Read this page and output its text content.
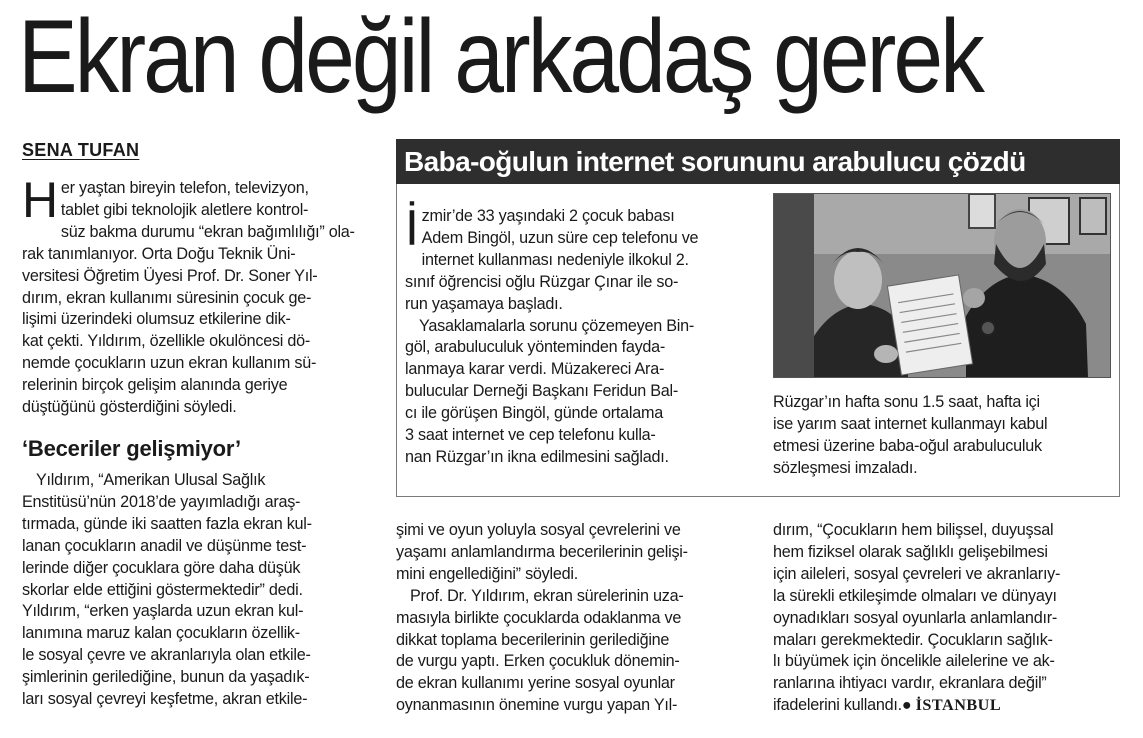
Ekran değil arkadaş gerek
SENA TUFAN
Her yaştan bireyin telefon, televizyon,
tablet gibi teknolojik aletlere kontrol-
süz bakma durumu “ekran bağımlılığı” ola-
rak tanımlanıyor. Orta Doğu Teknik Üni-
versitesi Öğretim Üyesi Prof. Dr. Soner Yıl-
dırım, ekran kullanımı süresinin çocuk ge-
lişimi üzerindeki olumsuz etkilerine dik-
kat çekti. Yıldırım, özellikle okulöncesi dö-
nemde çocukların uzun ekran kullanım sü-
relerinin birçok gelişim alanında geriye
düştüğünü gösterdiğini söyledi.
‘Beceriler gelişmiyor’
Yıldırım, “Amerikan Ulusal Sağlık
Enstitüsü’nün 2018’de yayımladığı araş-
tırmada, günde iki saatten fazla ekran kul-
lanan çocukların anadil ve düşünme test-
lerinde diğer çocuklara göre daha düşük
skorlar elde ettiğini göstermektedir” dedi.
Yıldırım, “erken yaşlarda uzun ekran kul-
lanımına maruz kalan çocukların özellik-
le sosyal çevre ve akranlarıyla olan etkile-
şimlerinin gerilediğine, bunun da yaşadık-
ları sosyal çevreyi keşfetme, akran etkile-
Baba-oğulun internet sorununu arabulucu çözdü
İzmir’de 33 yaşındaki 2 çocuk babası
Adem Bingöl, uzun süre cep telefonu ve
internet kullanması nedeniyle ilkokul 2.
sınıf öğrencisi oğlu Rüzgar Çınar ile so-
run yaşamaya başladı.
Yasaklamalarla sorunu çözemeyen Bin-
göl, arabuluculuk yönteminden fayda-
lanmaya karar verdi. Müzakereci Ara-
bulucular Derneği Başkanı Feridun Bal-
cı ile görüşen Bingöl, günde ortalama
3 saat internet ve cep telefonu kulla-
nan Rüzgar’ın ikna edilmesini sağladı.
Rüzgar’ın hafta sonu 1.5 saat, hafta içi
ise yarım saat internet kullanmayı kabul
etmesi üzerine baba-oğul arabuluculuk
sözleşmesi imzaladı.
şimi ve oyun yoluyla sosyal çevrelerini ve
yaşamı anlamlandırma becerilerinin gelişi-
mini engellediğini” söyledi.
Prof. Dr. Yıldırım, ekran sürelerinin uza-
masıyla birlikte çocuklarda odaklanma ve
dikkat toplama becerilerinin gerilediğine
de vurgu yaptı. Erken çocukluk dönemin-
de ekran kullanımı yerine sosyal oyunlar
oynanmasının önemine vurgu yapan Yıl-
dırım, “Çocukların hem bilişsel, duyuşsal
hem fiziksel olarak sağlıklı gelişebilmesi
için aileleri, sosyal çevreleri ve akranlarıy-
la sürekli etkileşimde olmaları ve dünyayı
oynadıkları sosyal oyunlarla anlamlandır-
maları gerekmektedir. Çocukların sağlık-
lı büyümek için öncelikle ailelerine ve ak-
ranlarına ihtiyacı vardır, ekranlara değil”
ifadelerini kullandı.● İSTANBUL
